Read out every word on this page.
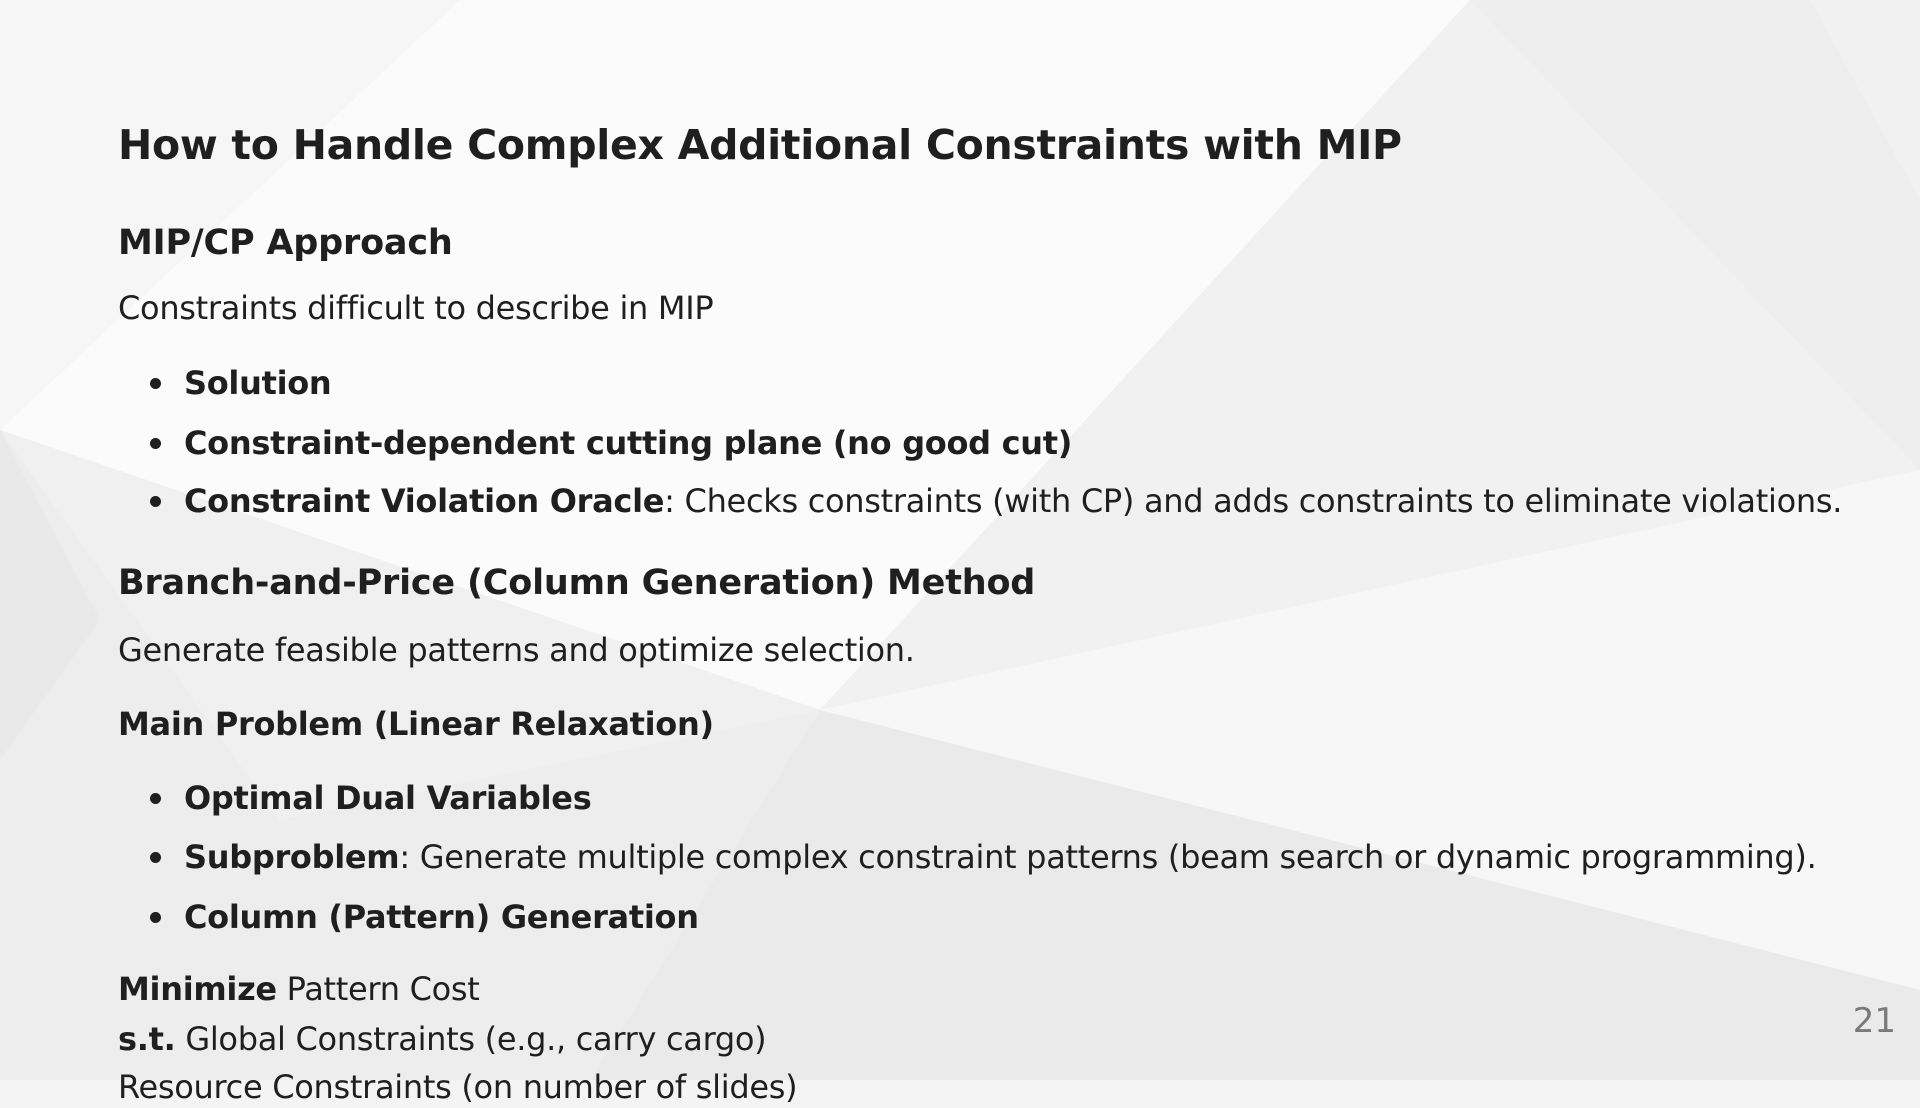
How to Handle Complex Additional Constraints with MIP
MIP/CP Approach

Constraints difficult to describe in MIP

Solution
Constraint-dependent cutting plane (no good cut)
Constraint Violation Oracle: Checks constraints (with CP) and adds constraints to eliminate violations.
Branch-and-Price (Column Generation) Method

Generate feasible patterns and optimize selection.

Main Problem (Linear Relaxation)
Optimal Dual Variables
Subproblem: Generate multiple complex constraint patterns (beam search or dynamic programming).
Column (Pattern) Generation

Minimize Pattern Cost

s.t. Global Constraints (e.g., carry cargo)

Resource Constraints (on number of slides)

21
